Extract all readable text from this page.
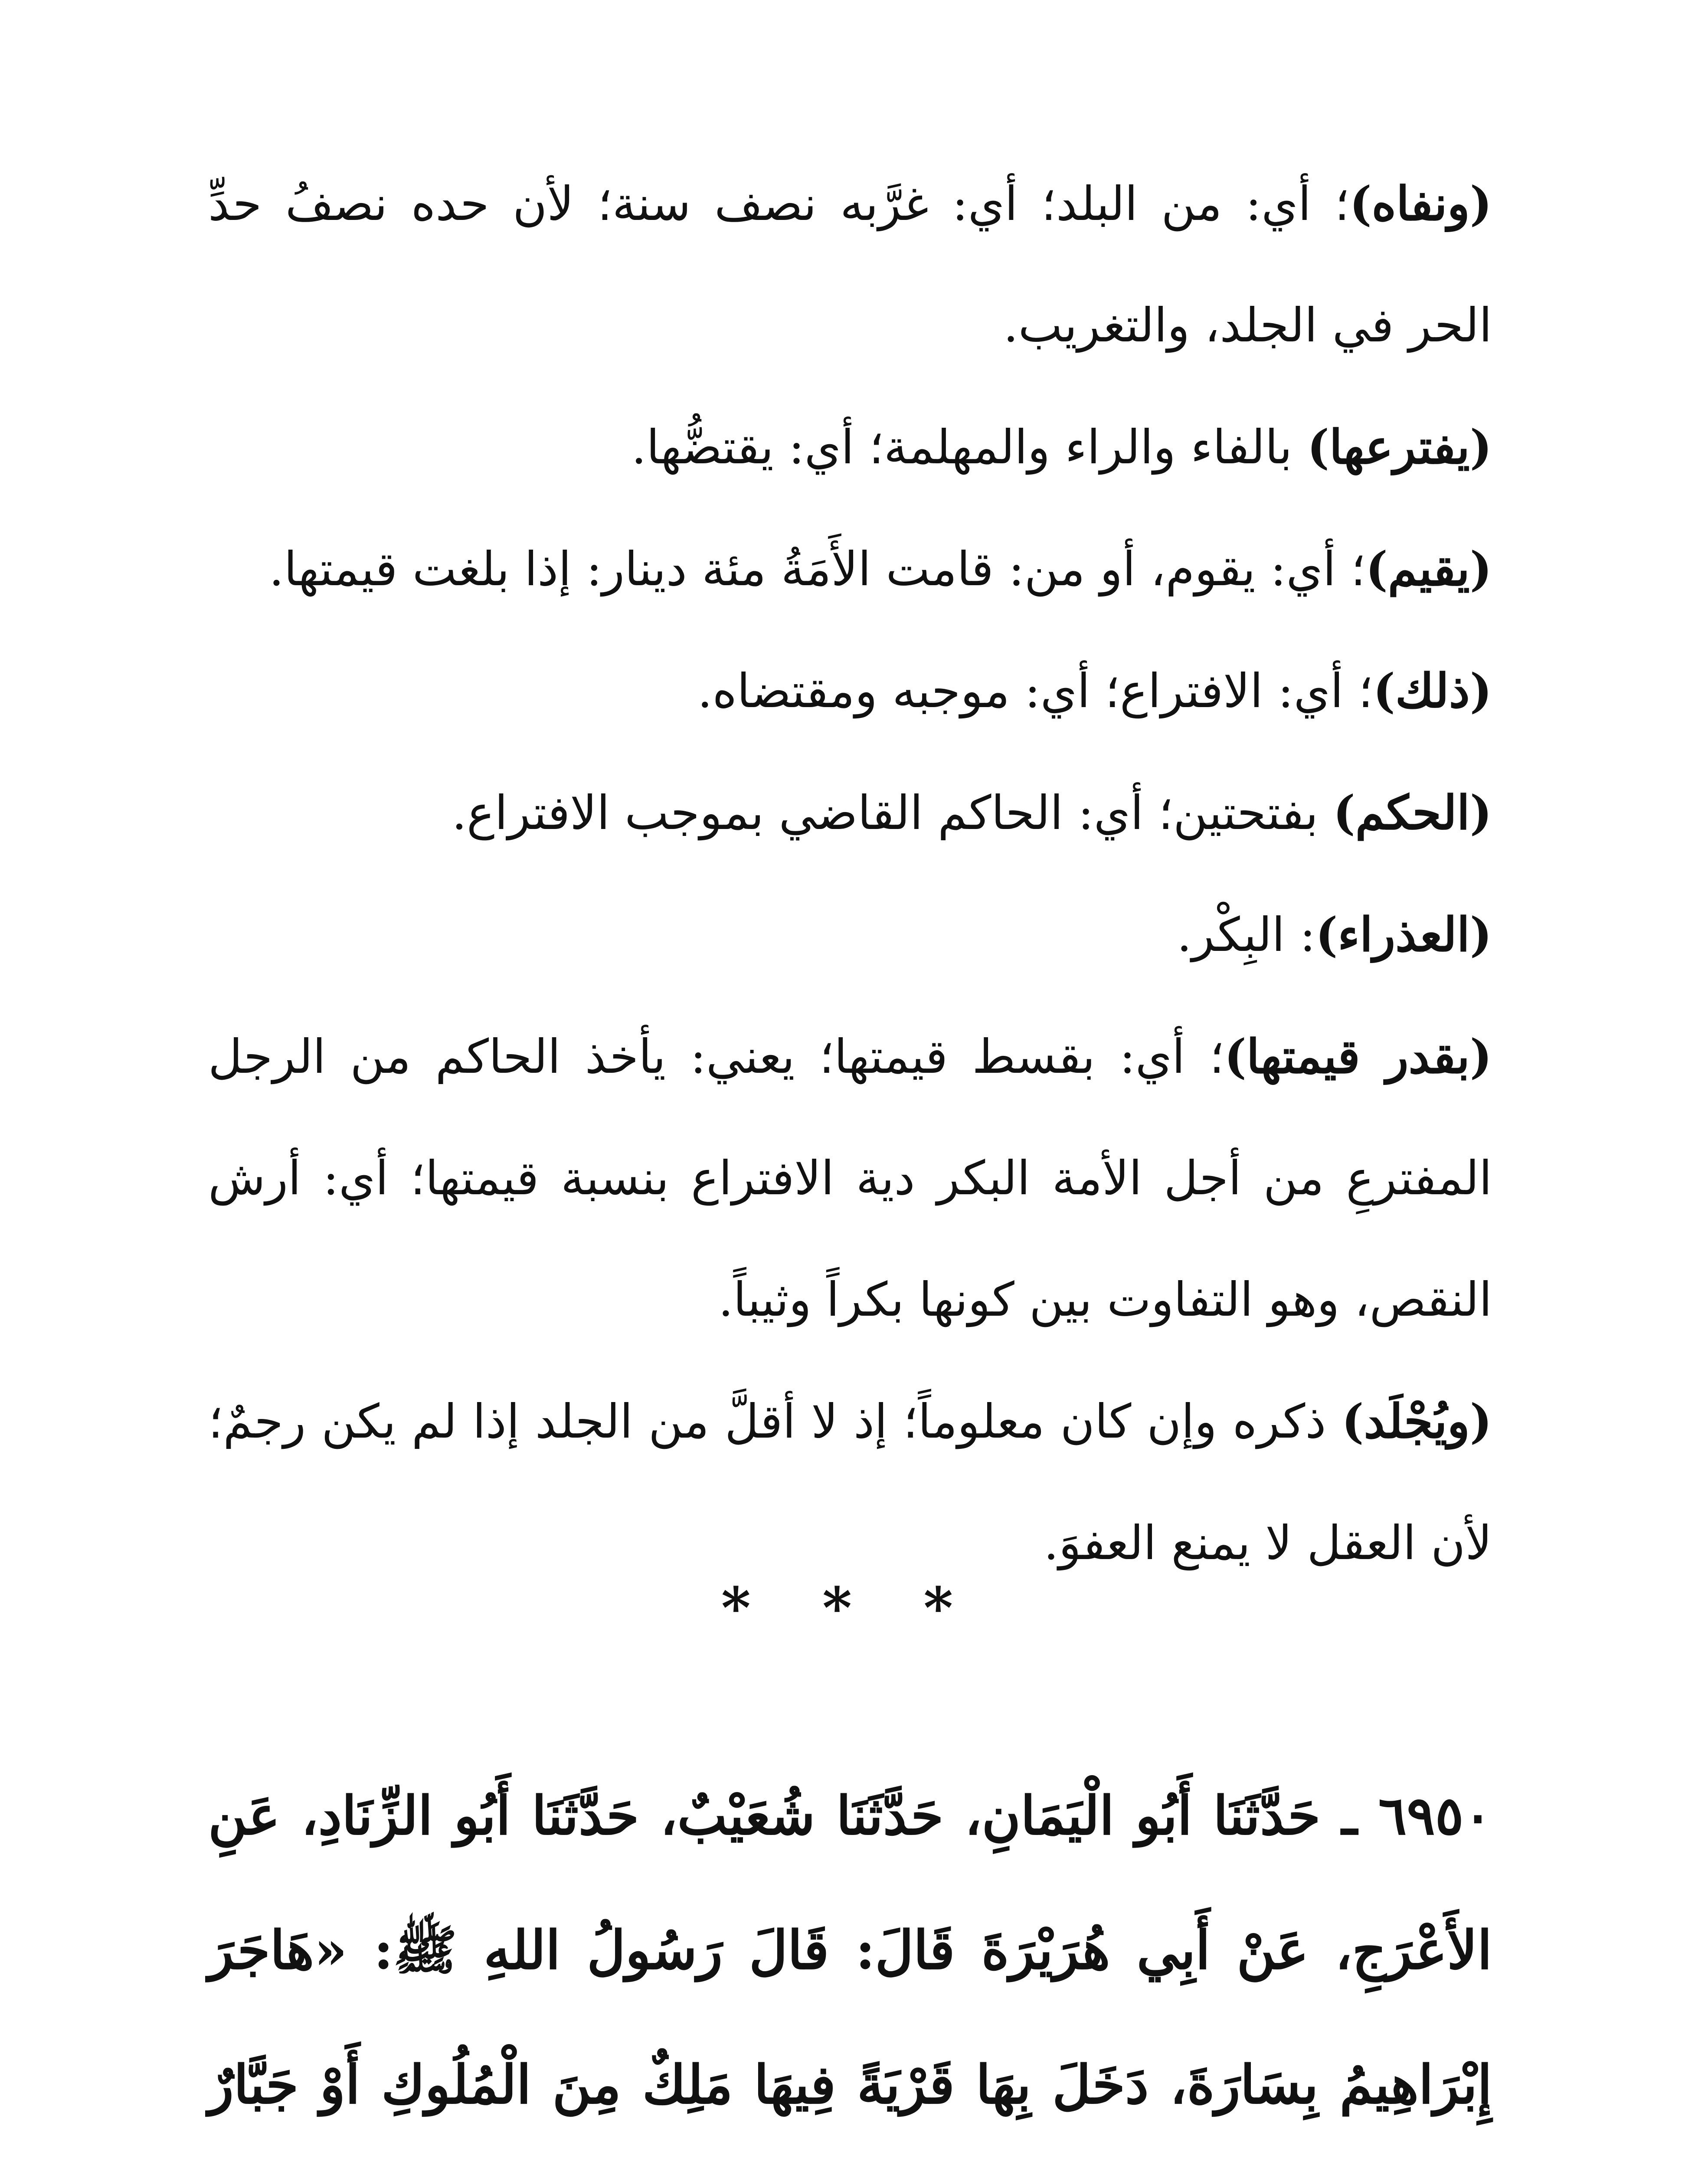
(ونفاه)؛ أي: من البلد؛ أي: غرَّبه نصف سنة؛ لأن حده نصفُ حدِّ الحر في الجلد، والتغريب.

(يفترعها) بالفاء والراء والمهلمة؛ أي: يقتضُّها.

(يقيم)؛ أي: يقوم، أو من: قامت الأَمَةُ مئة دينار: إذا بلغت قيمتها.

(ذلك)؛ أي: الافتراع؛ أي: موجبه ومقتضاه.

(الحكم) بفتحتين؛ أي: الحاكم القاضي بموجب الافتراع.

(العذراء): البِكْر.

(بقدر قيمتها)؛ أي: بقسط قيمتها؛ يعني: يأخذ الحاكم من الرجل المفترعِ من أجل الأمة البكر دية الافتراع بنسبة قيمتها؛ أي: أرش النقص، وهو التفاوت بين كونها بكراً وثيباً.

(ويُجْلَد) ذكره وإن كان معلوماً؛ إذ لا أقلَّ من الجلد إذا لم يكن رجمٌ؛ لأن العقل لا يمنع العفوَ.

* * *

٦٩٥٠ ـ حَدَّثَنَا أَبُو الْيَمَانِ، حَدَّثَنَا شُعَيْبٌ، حَدَّثَنَا أَبُو الزِّنَادِ، عَنِ الأَعْرَجِ، عَنْ أَبِي هُرَيْرَةَ قَالَ: قَالَ رَسُولُ اللهِ ﷺ: «هَاجَرَ إِبْرَاهِيمُ بِسَارَةَ، دَخَلَ بِهَا قَرْيَةً فِيهَا مَلِكٌ مِنَ الْمُلُوكِ أَوْ جَبَّارٌ
